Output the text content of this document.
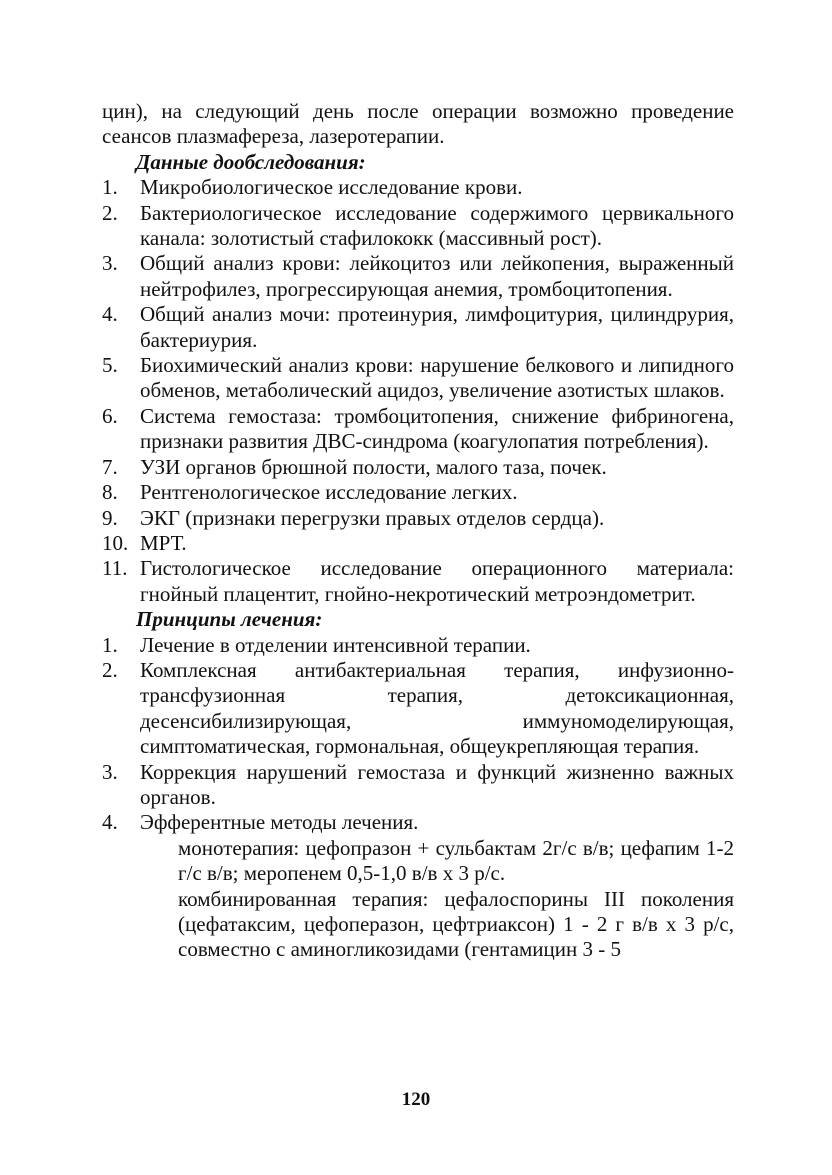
цин), на следующий день после операции возможно проведение сеансов плазмафереза, лазеротерапии.

Данные дообследования:

1. Микробиологическое исследование крови.
2. Бактериологическое исследование содержимого цервикального канала: золотистый стафилококк (массивный рост).
3. Общий анализ крови: лейкоцитоз или лейкопения, выраженный нейтрофилез, прогрессирующая анемия, тромбоцитопения.
4. Общий анализ мочи: протеинурия, лимфоцитурия, цилиндрурия, бактериурия.
5. Биохимический анализ крови: нарушение белкового и липидного обменов, метаболический ацидоз, увеличение азотистых шлаков.
6. Система гемостаза: тромбоцитопения, снижение фибриногена, признаки развития ДВС-синдрома (коагулопатия потребления).
7. УЗИ органов брюшной полости, малого таза, почек.
8. Рентгенологическое исследование легких.
9. ЭКГ (признаки перегрузки правых отделов сердца).
10. МРТ.
11. Гистологическое исследование операционного материала: гнойный плацентит, гнойно-некротический метроэндометрит.

Принципы лечения:

1. Лечение в отделении интенсивной терапии.
2. Комплексная антибактериальная терапия, инфузионно-трансфузионная терапия, детоксикационная, десенсибилизирующая, иммуномоделирующая, симптоматическая, гормональная, общеукрепляющая терапия.
3. Коррекция нарушений гемостаза и функций жизненно важных органов.
4. Эфферентные методы лечения.
монотерапия: цефопразон + сульбактам 2г/с в/в; цефапим 1-2 г/с в/в; меропенем 0,5-1,0 в/в х 3 р/с.
комбинированная терапия: цефалоспорины III поколения (цефатаксим, цефоперазон, цефтриаксон) 1 - 2 г в/в х 3 р/с, совместно с аминогликозидами (гентамицин 3 - 5
120
